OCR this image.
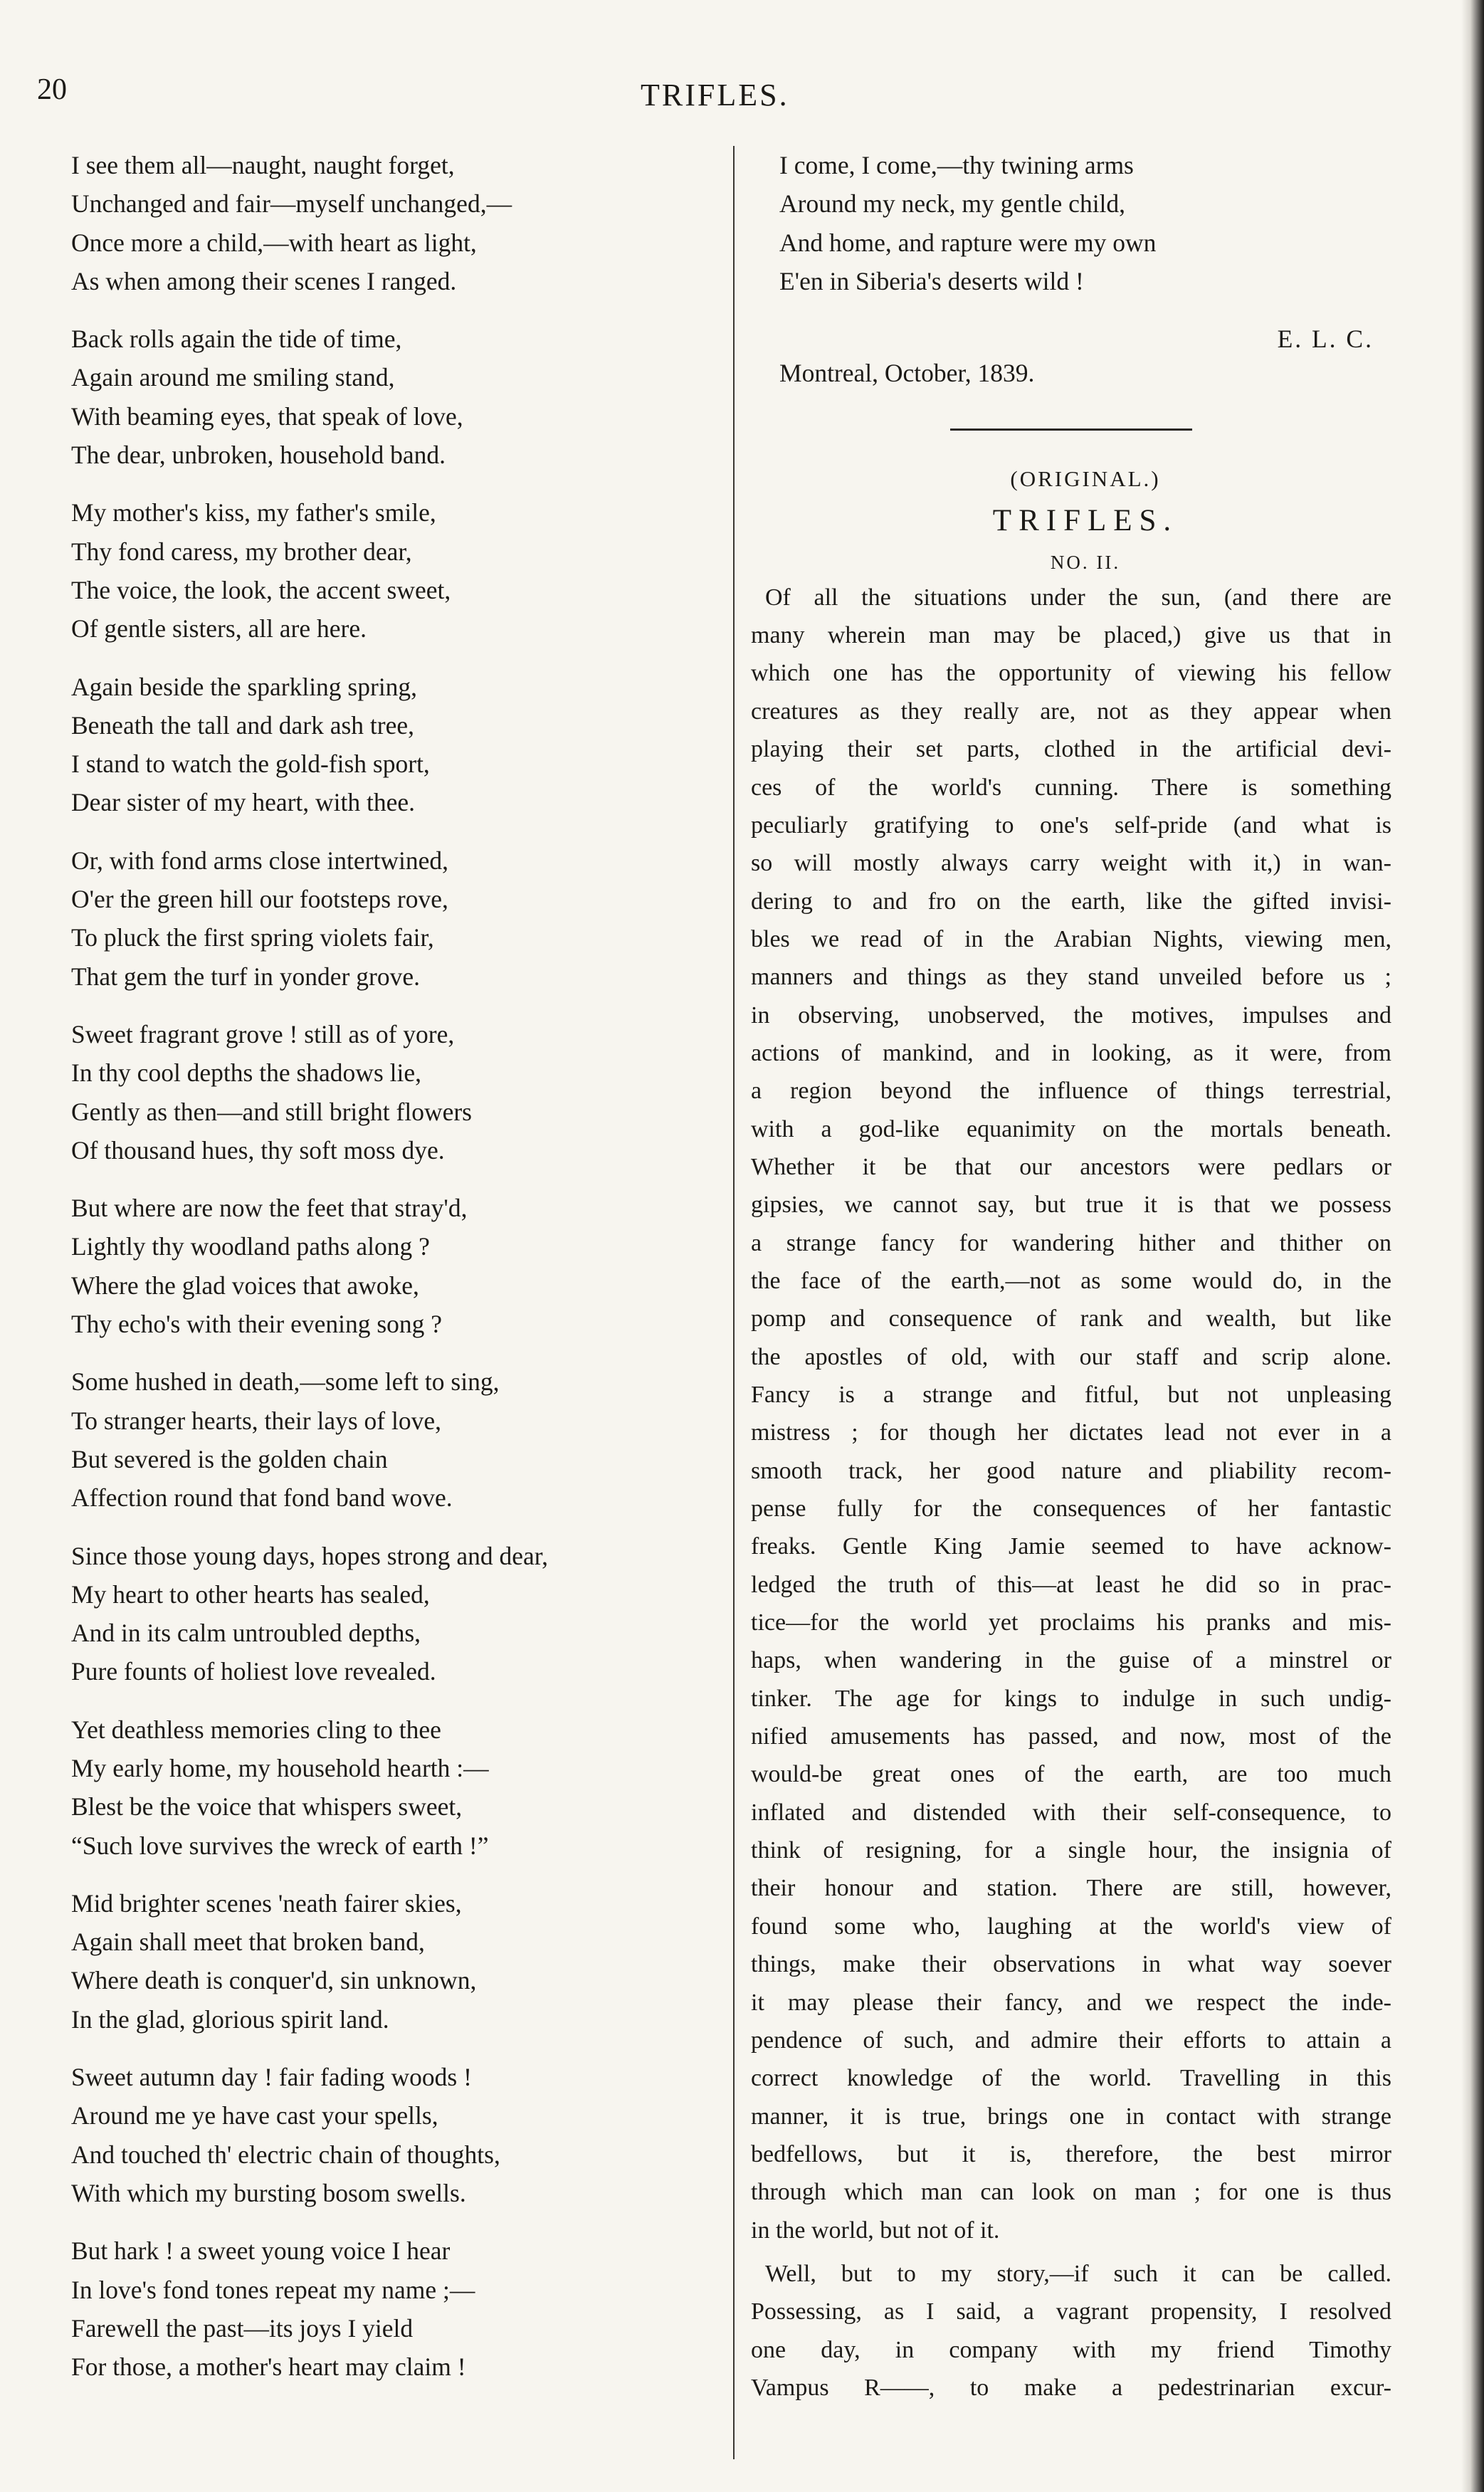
20	TRIFLES.
I see them all—naught, naught forget,
Unchanged and fair—myself unchanged,—
Once more a child,—with heart as light,
As when among their scenes I ranged.
Back rolls again the tide of time,
Again around me smiling stand,
With beaming eyes, that speak of love,
The dear, unbroken, household band.
My mother's kiss, my father's smile,
Thy fond caress, my brother dear,
The voice, the look, the accent sweet,
Of gentle sisters, all are here.
Again beside the sparkling spring,
Beneath the tall and dark ash tree,
I stand to watch the gold-fish sport,
Dear sister of my heart, with thee.
Or, with fond arms close intertwined,
O'er the green hill our footsteps rove,
To pluck the first spring violets fair,
That gem the turf in yonder grove.
Sweet fragrant grove ! still as of yore,
In thy cool depths the shadows lie,
Gently as then—and still bright flowers
Of thousand hues, thy soft moss dye.
But where are now the feet that stray'd,
Lightly thy woodland paths along ?
Where the glad voices that awoke,
Thy echo's with their evening song ?
Some hushed in death,—some left to sing,
To stranger hearts, their lays of love,
But severed is the golden chain
Affection round that fond band wove.
Since those young days, hopes strong and dear,
My heart to other hearts has sealed,
And in its calm untroubled depths,
Pure founts of holiest love revealed.
Yet deathless memories cling to thee
My early home, my household hearth :—
Blest be the voice that whispers sweet,
“Such love survives the wreck of earth !”
Mid brighter scenes 'neath fairer skies,
Again shall meet that broken band,
Where death is conquer'd, sin unknown,
In the glad, glorious spirit land.
Sweet autumn day ! fair fading woods !
Around me ye have cast your spells,
And touched th' electric chain of thoughts,
With which my bursting bosom swells.
But hark ! a sweet young voice I hear
In love's fond tones repeat my name ;—
Farewell the past—its joys I yield
For those, a mother's heart may claim !
I come, I come,—thy twining arms
Around my neck, my gentle child,
And home, and rapture were my own
E'en in Siberia's deserts wild !
E. L. C.
Montreal, October, 1839.
(ORIGINAL.)
TRIFLES.
NO. II.
Of all the situations under the sun, (and there are
many wherein man may be placed,) give us that in
which one has the opportunity of viewing his fellow
creatures as they really are, not as they appear when
playing their set parts, clothed in the artificial devi-
ces of the world's cunning. There is something
peculiarly gratifying to one's self-pride (and what is
so will mostly always carry weight with it,) in wan-
dering to and fro on the earth, like the gifted invisi-
bles we read of in the Arabian Nights, viewing men,
manners and things as they stand unveiled before us ;
in observing, unobserved, the motives, impulses and
actions of mankind, and in looking, as it were, from
a region beyond the influence of things terrestrial,
with a god-like equanimity on the mortals beneath.
Whether it be that our ancestors were pedlars or
gipsies, we cannot say, but true it is that we possess
a strange fancy for wandering hither and thither on
the face of the earth,—not as some would do, in the
pomp and consequence of rank and wealth, but like
the apostles of old, with our staff and scrip alone.
Fancy is a strange and fitful, but not unpleasing
mistress ; for though her dictates lead not ever in a
smooth track, her good nature and pliability recom-
pense fully for the consequences of her fantastic
freaks. Gentle King Jamie seemed to have acknow-
ledged the truth of this—at least he did so in prac-
tice—for the world yet proclaims his pranks and mis-
haps, when wandering in the guise of a minstrel or
tinker. The age for kings to indulge in such undig-
nified amusements has passed, and now, most of the
would-be great ones of the earth, are too much
inflated and distended with their self-consequence, to
think of resigning, for a single hour, the insignia of
their honour and station. There are still, however,
found some who, laughing at the world's view of
things, make their observations in what way soever
it may please their fancy, and we respect the inde-
pendence of such, and admire their efforts to attain a
correct knowledge of the world. Travelling in this
manner, it is true, brings one in contact with strange
bedfellows, but it is, therefore, the best mirror
through which man can look on man ; for one is thus
in the world, but not of it.
Well, but to my story,—if such it can be called.
Possessing, as I said, a vagrant propensity, I resolved
one day, in company with my friend Timothy
Vampus R——, to make a pedestrinarian excur-
